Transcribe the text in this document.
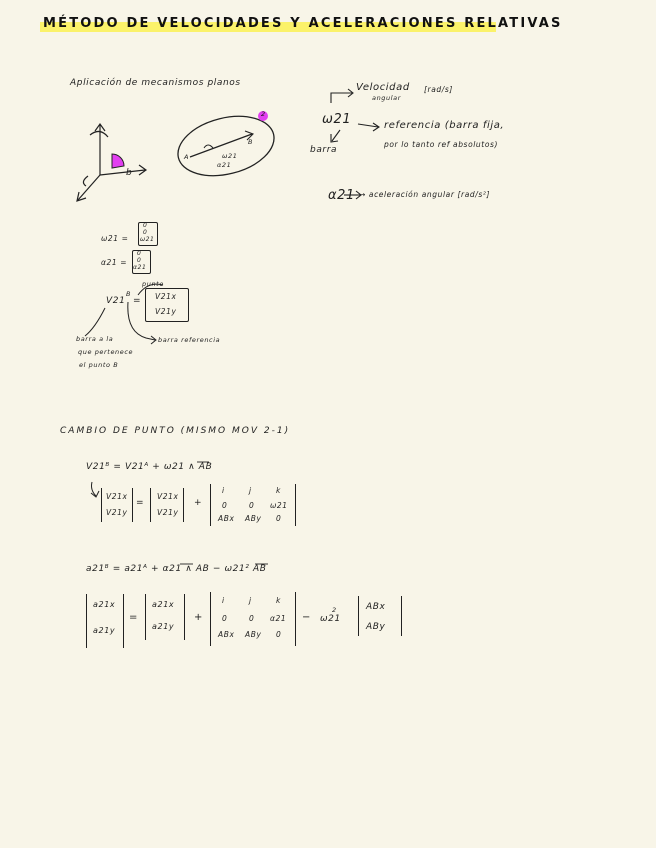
MÉTODO DE VELOCIDADES Y ACELERACIONES RELATIVAS
Aplicación de mecanismos planos
b
2
A
B
ω21
α21
Velocidad
angular
[rad/s]
ω21	referencia (barra fija,
por lo tanto ref absolutos)
barra
α21 → aceleración angular [rad/s²]
ω21 =
0
0
ω21
α21 =
0
0
α21
V21
B
punto
= V21x
V21y
barra a la
que pertenece
el punto B
barra referencia
CAMBIO DE PUNTO (MISMO MOV 2-1)
V21ᴮ = V21ᴬ + ω21 ∧ AB
V21x
V21y
=
V21x
V21y
+
i	j	k
0	0 ω21
ABx ABy 0
a21ᴮ = a21ᴬ + α21 ∧ AB − ω21² AB
a21x
a21y
=
a21x
a21y
+
i	j	k
0	0 α21
ABx ABy 0
−
2
ω21
ABx
ABy
